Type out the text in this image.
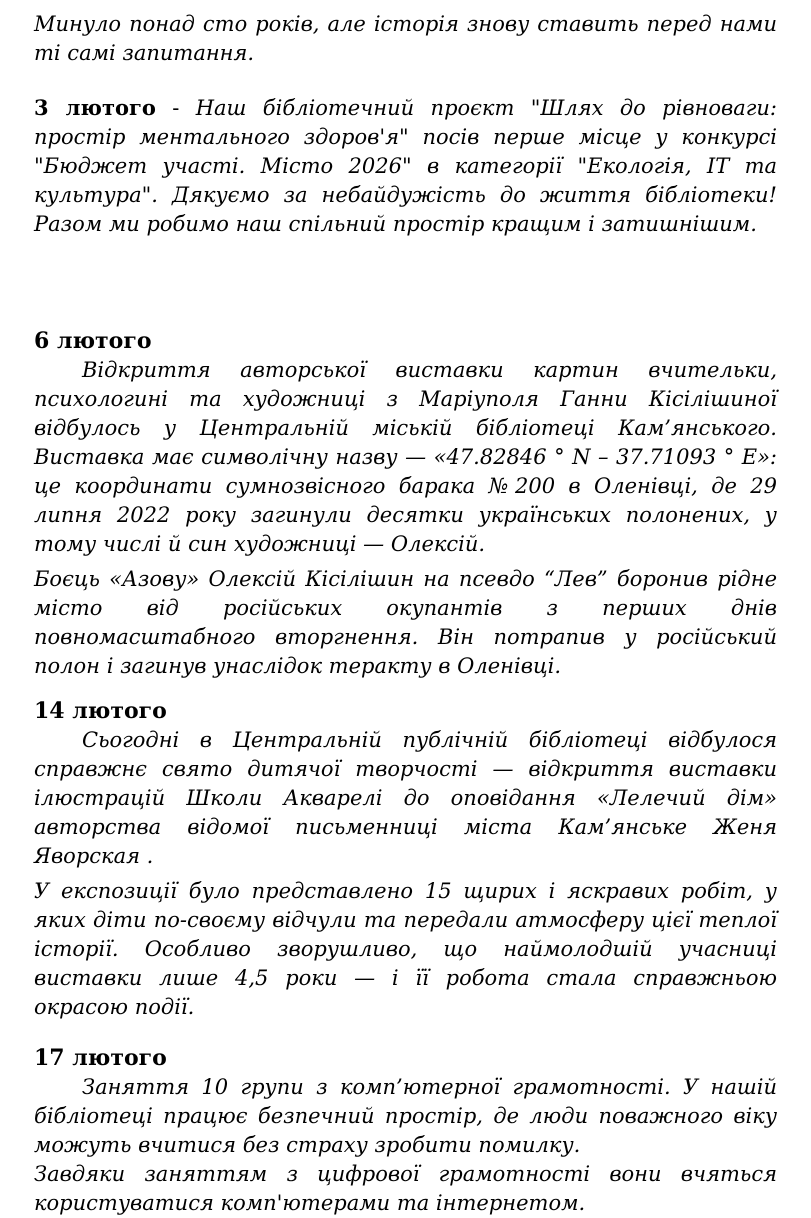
Минуло понад сто років, але історія знову ставить перед нами ті самі запитання.

3 лютого - Наш бібліотечний проєкт "Шлях до рівноваги: простір ментального здоров'я" посів перше місце у конкурсі "Бюджет участі. Місто 2026" в категорії "Екологія, ІТ та культура". Дякуємо за небайдужість до життя бібліотеки! Разом ми робимо наш спільний простір кращим і затишнішим.

6 лютого

Відкриття авторської виставки картин вчительки, психологині та художниці з Маріуполя Ганни Кісілішиної відбулось у Центральній міській бібліотеці Кам’янського. Виставка має символічну назву — «47.82846 ° N – 37.71093 ° E»: це координати сумнозвісного барака №200 в Оленівці, де 29 липня 2022 року загинули десятки українських полонених, у тому числі й син художниці — Олексій.

Боєць «Азову» Олексій Кісілішин на псевдо “Лев” боронив рідне місто від російських окупантів з перших днів повномасштабного вторгнення. Він потрапив у російський полон і загинув унаслідок теракту в Оленівці.

14 лютого

Сьогодні в Центральній публічній бібліотеці відбулося справжнє свято дитячої творчості — відкриття виставки ілюстрацій Школи Акварелі до оповідання «Лелечий дім» авторства відомої письменниці міста Кам’янське Женя Яворская .

У експозиції було представлено 15 щирих і яскравих робіт, у яких діти по-своєму відчули та передали атмосферу цієї теплої історії. Особливо зворушливо, що наймолодшій учасниці виставки лише 4,5 роки — і її робота стала справжньою окрасою події.

17 лютого

Заняття 10 групи з комп’ютерної грамотності. У нашій бібліотеці працює безпечний простір, де люди поважного віку можуть вчитися без страху зробити помилку.

Завдяки заняттям з цифрової грамотності вони вчяться користуватися комп'ютерами та інтернетом.
